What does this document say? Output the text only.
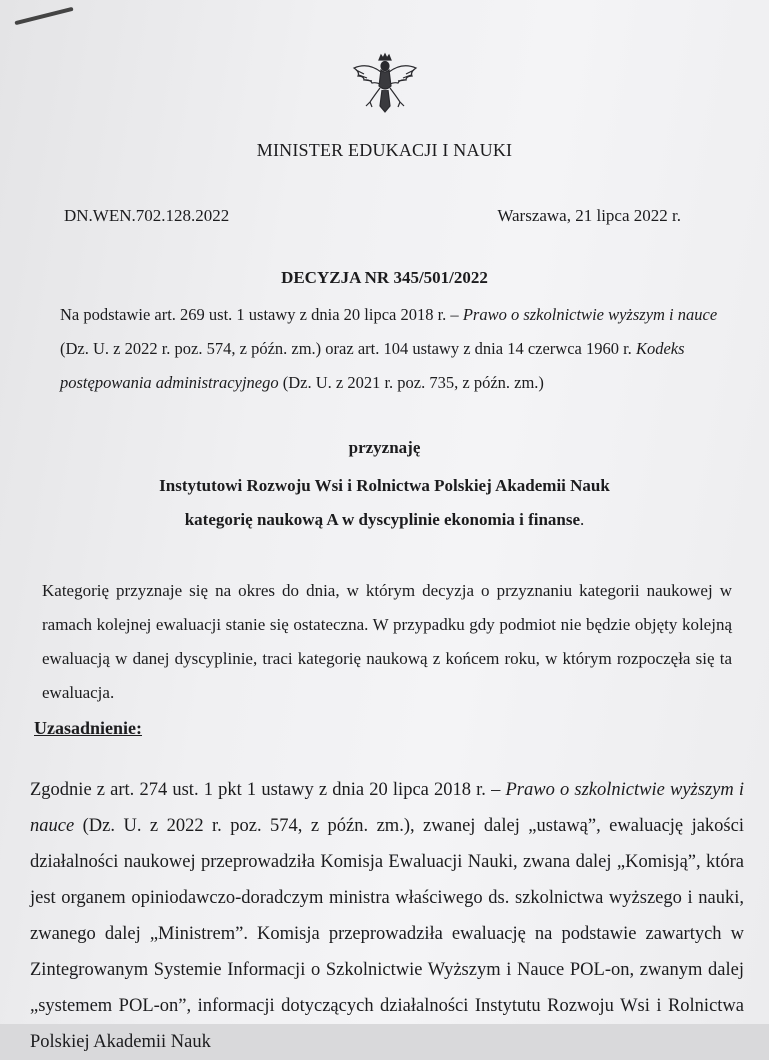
MINISTER EDUKACJI I NAUKI
DN.WEN.702.128.2022	Warszawa, 21 lipca 2022 r.
DECYZJA NR 345/501/2022
Na podstawie art. 269 ust. 1 ustawy z dnia 20 lipca 2018 r. – Prawo o szkolnictwie wyższym i nauce (Dz. U. z 2022 r. poz. 574, z późn. zm.) oraz art. 104 ustawy z dnia 14 czerwca 1960 r. Kodeks postępowania administracyjnego (Dz. U. z 2021 r. poz. 735, z późn. zm.)
przyznaję
Instytutowi Rozwoju Wsi i Rolnictwa Polskiej Akademii Nauk
kategorię naukową A w dyscyplinie ekonomia i finanse.
Kategorię przyznaje się na okres do dnia, w którym decyzja o przyznaniu kategorii naukowej w ramach kolejnej ewaluacji stanie się ostateczna. W przypadku gdy podmiot nie będzie objęty kolejną ewaluacją w danej dyscyplinie, traci kategorię naukową z końcem roku, w którym rozpoczęła się ta ewaluacja.
Uzasadnienie:
Zgodnie z art. 274 ust. 1 pkt 1 ustawy z dnia 20 lipca 2018 r. – Prawo o szkolnictwie wyższym i nauce (Dz. U. z 2022 r. poz. 574, z późn. zm.), zwanej dalej „ustawą”, ewaluację jakości działalności naukowej przeprowadziła Komisja Ewaluacji Nauki, zwana dalej „Komisją”, która jest organem opiniodawczo-doradczym ministra właściwego ds. szkolnictwa wyższego i nauki, zwanego dalej „Ministrem”. Komisja przeprowadziła ewaluację na podstawie zawartych w Zintegrowanym Systemie Informacji o Szkolnictwie Wyższym i Nauce POL-on, zwanym dalej „systemem POL-on”, informacji dotyczących działalności Instytutu Rozwoju Wsi i Rolnictwa Polskiej Akademii Nauk
